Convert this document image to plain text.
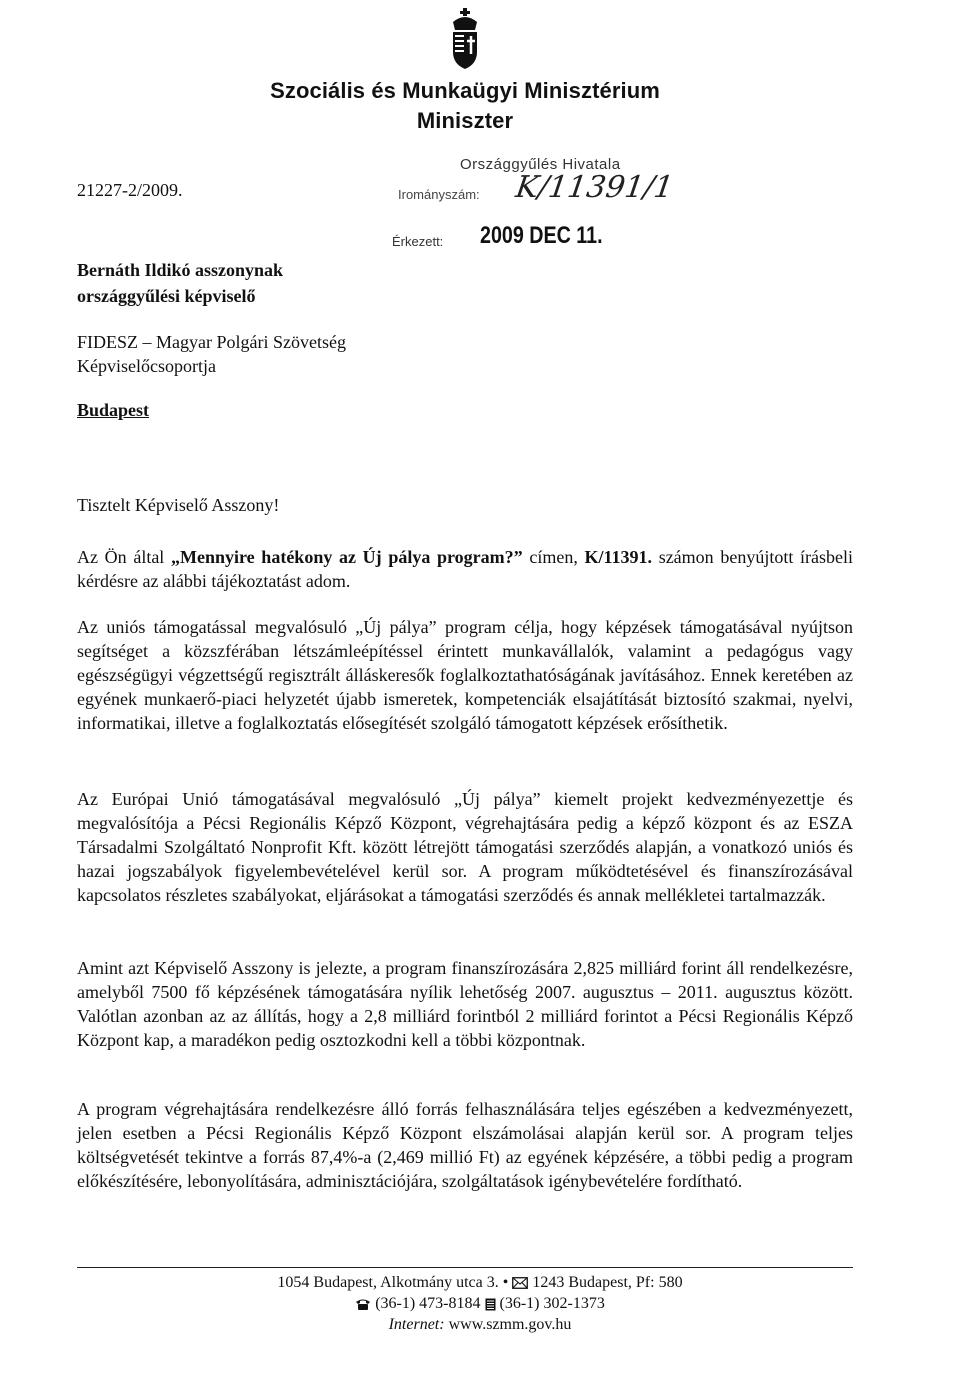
Szociális és Munkaügyi Minisztérium
Miniszter
21227-2/2009.
Országgyűlés Hivatala
Irományszám: K/11391/1
Érkezett: 2009 DEC 11.
Bernáth Ildikó asszonynak
országgyűlési képviselő
FIDESZ – Magyar Polgári Szövetség
Képviselőcsoportja
Budapest
Tisztelt Képviselő Asszony!

Az Ön által „Mennyire hatékony az Új pálya program?” címen, K/11391. számon benyújtott írásbeli kérdésre az alábbi tájékoztatást adom.

Az uniós támogatással megvalósuló „Új pálya” program célja, hogy képzések támogatásával nyújtson segítséget a közszférában létszámleépítéssel érintett munkavállalók, valamint a pedagógus vagy egészségügyi végzettségű regisztrált álláskeresők foglalkoztathatóságának javításához. Ennek keretében az egyének munkaerő-piaci helyzetét újabb ismeretek, kompetenciák elsajátítását biztosító szakmai, nyelvi, informatikai, illetve a foglalkoztatás elősegítését szolgáló támogatott képzések erősíthetik.

Az Európai Unió támogatásával megvalósuló „Új pálya” kiemelt projekt kedvezményezettje és megvalósítója a Pécsi Regionális Képző Központ, végrehajtására pedig a képző központ és az ESZA Társadalmi Szolgáltató Nonprofit Kft. között létrejött támogatási szerződés alapján, a vonatkozó uniós és hazai jogszabályok figyelembevételével kerül sor. A program működtetésével és finanszírozásával kapcsolatos részletes szabályokat, eljárásokat a támogatási szerződés és annak mellékletei tartalmazzák.

Amint azt Képviselő Asszony is jelezte, a program finanszírozására 2,825 milliárd forint áll rendelkezésre, amelyből 7500 fő képzésének támogatására nyílik lehetőség 2007. augusztus – 2011. augusztus között. Valótlan azonban az az állítás, hogy a 2,8 milliárd forintból 2 milliárd forintot a Pécsi Regionális Képző Központ kap, a maradékon pedig osztozkodni kell a többi központnak.

A program végrehajtására rendelkezésre álló forrás felhasználására teljes egészében a kedvezményezett, jelen esetben a Pécsi Regionális Képző Központ elszámolásai alapján kerül sor. A program teljes költségvetését tekintve a forrás 87,4%-a (2,469 millió Ft) az egyének képzésére, a többi pedig a program előkészítésére, lebonyolítására, adminisztációjára, szolgáltatások igénybevételére fordítható.

1054 Budapest, Alkotmány utca 3. • 1243 Budapest, Pf: 580
(36-1) 473-8184 (36-1) 302-1373
Internet: www.szmm.gov.hu
